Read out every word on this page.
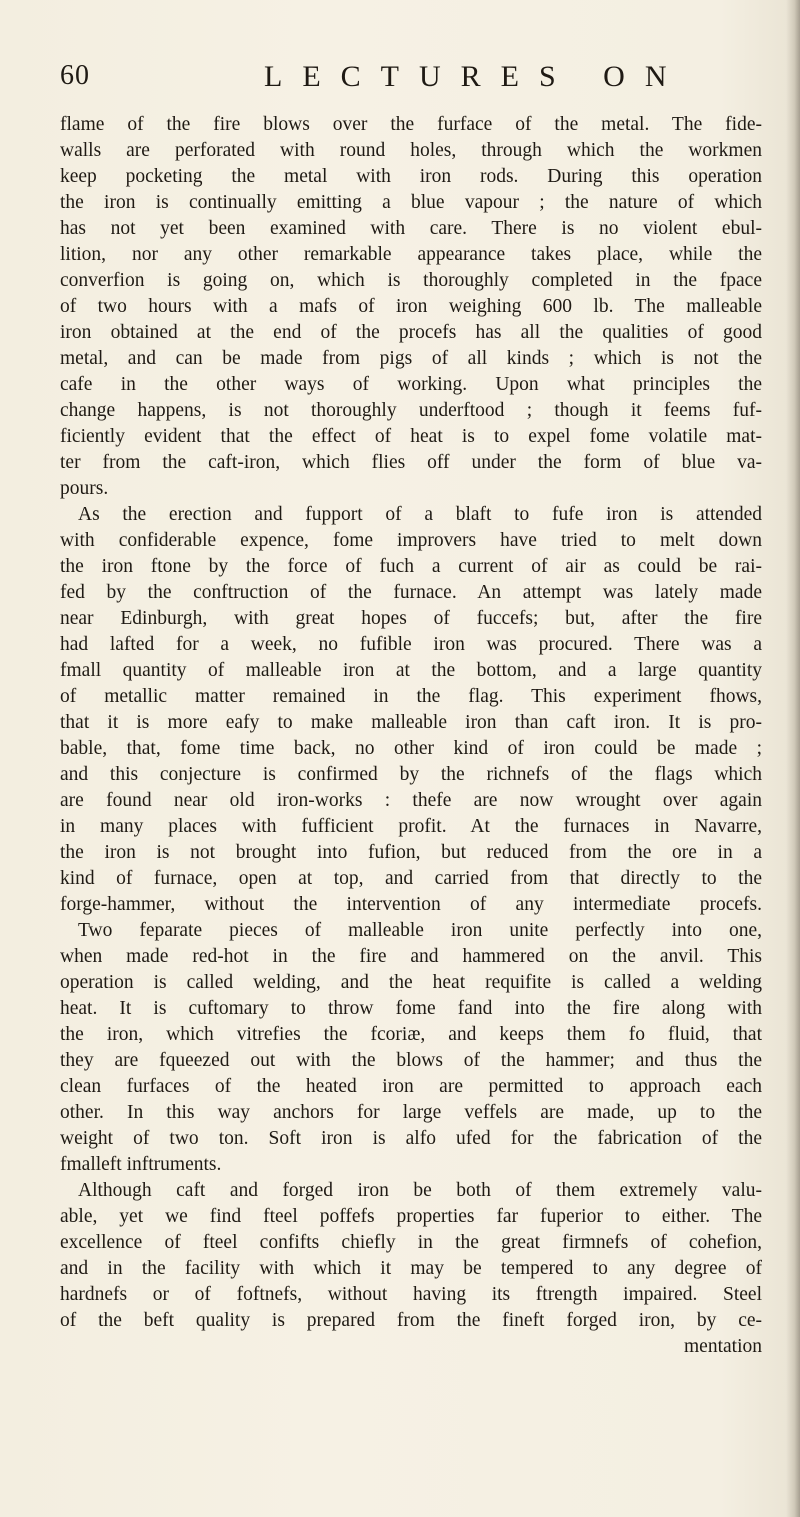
60	LECTURES ON
flame of the fire blows over the furface of the metal. The fide-
walls are perforated with round holes, through which the workmen
keep pocketing the metal with iron rods. During this operation
the iron is continually emitting a blue vapour ; the nature of which
has not yet been examined with care. There is no violent ebul-
lition, nor any other remarkable appearance takes place, while the
converfion is going on, which is thoroughly completed in the fpace
of two hours with a mafs of iron weighing 600 lb. The malleable
iron obtained at the end of the procefs has all the qualities of good
metal, and can be made from pigs of all kinds ; which is not the
cafe in the other ways of working. Upon what principles the
change happens, is not thoroughly underftood ; though it feems fuf-
ficiently evident that the effect of heat is to expel fome volatile mat-
ter from the caft-iron, which flies off under the form of blue va-
pours.
As the erection and fupport of a blaft to fufe iron is attended
with confiderable expence, fome improvers have tried to melt down
the iron ftone by the force of fuch a current of air as could be rai-
fed by the conftruction of the furnace. An attempt was lately made
near Edinburgh, with great hopes of fuccefs; but, after the fire
had lafted for a week, no fufible iron was procured. There was a
fmall quantity of malleable iron at the bottom, and a large quantity
of metallic matter remained in the flag. This experiment fhows,
that it is more eafy to make malleable iron than caft iron. It is pro-
bable, that, fome time back, no other kind of iron could be made ;
and this conjecture is confirmed by the richnefs of the flags which
are found near old iron-works : thefe are now wrought over again
in many places with fufficient profit. At the furnaces in Navarre,
the iron is not brought into fufion, but reduced from the ore in a
kind of furnace, open at top, and carried from that directly to the
forge-hammer, without the intervention of any intermediate procefs.
Two feparate pieces of malleable iron unite perfectly into one,
when made red-hot in the fire and hammered on the anvil. This
operation is called welding, and the heat requifite is called a welding
heat. It is cuftomary to throw fome fand into the fire along with
the iron, which vitrefies the fcoriæ, and keeps them fo fluid, that
they are fqueezed out with the blows of the hammer; and thus the
clean furfaces of the heated iron are permitted to approach each
other. In this way anchors for large veffels are made, up to the
weight of two ton. Soft iron is alfo ufed for the fabrication of the
fmalleft inftruments.
Although caft and forged iron be both of them extremely valu-
able, yet we find fteel poffefs properties far fuperior to either. The
excellence of fteel confifts chiefly in the great firmnefs of cohefion,
and in the facility with which it may be tempered to any degree of
hardnefs or of foftnefs, without having its ftrength impaired. Steel
of the beft quality is prepared from the fineft forged iron, by ce-
mentation
